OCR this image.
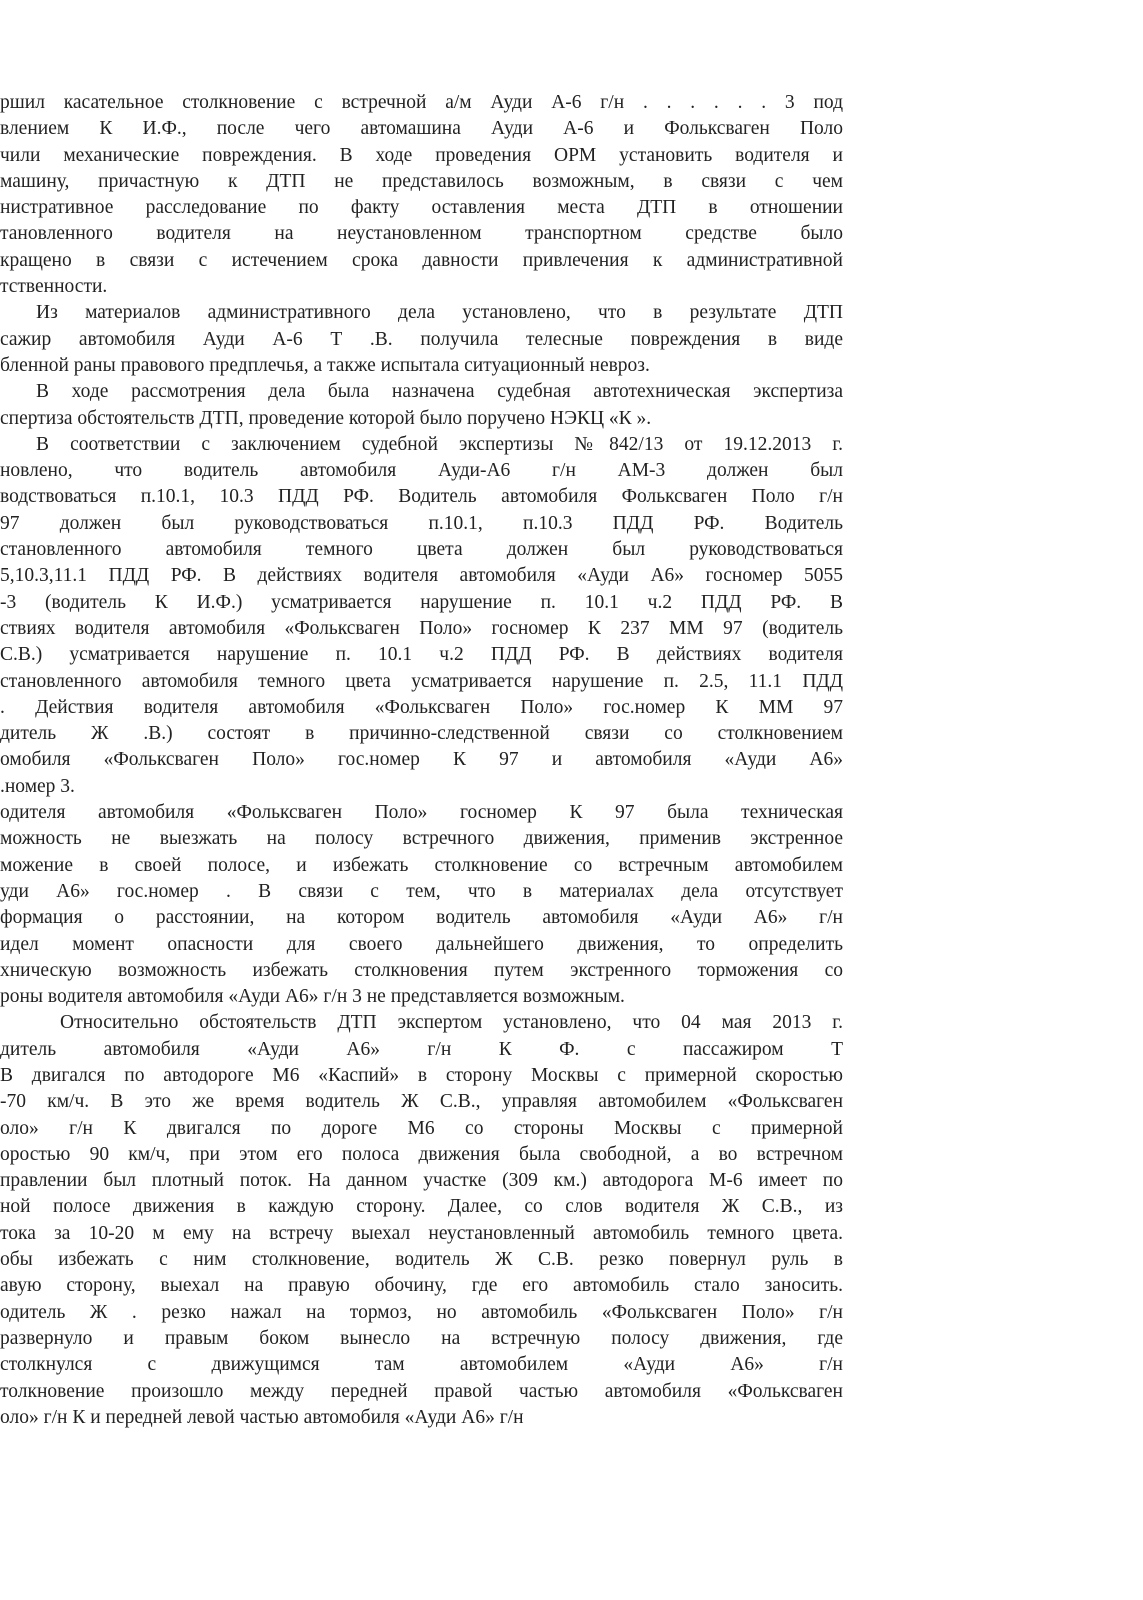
ршил касательное столкновение с встречной а/м Ауди А-6 г/н . . . . . . 3 под
влением К И.Ф., после чего автомашина Ауди А-6 и Фольксваген Поло
чили механические повреждения. В ходе проведения ОРМ установить водителя и
машину, причастную к ДТП не представилось возможным, в связи с чем
нистративное расследование по факту оставления места ДТП в отношении
тановленного водителя на неустановленном транспортном средстве было
кращено в связи с истечением срока давности привлечения к административной
тственности.
Из материалов административного дела установлено, что в результате ДТП
сажир автомобиля Ауди А-6 Т .В. получила телесные повреждения в виде
бленной раны правового предплечья, а также испытала ситуационный невроз.
В ходе рассмотрения дела была назначена судебная автотехническая экспертиза
спертиза обстоятельств ДТП, проведение которой было поручено НЭКЦ «К ».
В соответствии с заключением судебной экспертизы №842/13 от 19.12.2013 г.
новлено, что водитель автомобиля Ауди-А6 г/н АМ-3 должен был
водствоваться п.10.1, 10.3 ПДД РФ. Водитель автомобиля Фольксваген Поло г/н
97 должен был руководствоваться п.10.1, п.10.3 ПДД РФ. Водитель
становленного автомобиля темного цвета должен был руководствоваться
5,10.3,11.1 ПДД РФ. В действиях водителя автомобиля «Ауди А6» госномер 5055
-3 (водитель К И.Ф.) усматривается нарушение п. 10.1 ч.2 ПДД РФ. В
ствиях водителя автомобиля «Фольксваген Поло» госномер К 237 ММ 97 (водитель
С.В.) усматривается нарушение п. 10.1 ч.2 ПДД РФ. В действиях водителя
становленного автомобиля темного цвета усматривается нарушение п. 2.5, 11.1 ПДД
. Действия водителя автомобиля «Фольксваген Поло» гос.номер К ММ 97
дитель Ж .В.) состоят в причинно-следственной связи со столкновением
омобиля «Фольксваген Поло» гос.номер К 97 и автомобиля «Ауди А6»
.номер 3.
одителя автомобиля «Фольксваген Поло» госномер К 97 была техническая
можность не выезжать на полосу встречного движения, применив экстренное
можение в своей полосе, и избежать столкновение со встречным автомобилем
уди А6» гос.номер . В связи с тем, что в материалах дела отсутствует
формация о расстоянии, на котором водитель автомобиля «Ауди А6» г/н
идел момент опасности для своего дальнейшего движения, то определить
хническую возможность избежать столкновения путем экстренного торможения со
роны водителя автомобиля «Ауди А6» г/н 3 не представляется возможным.
Относительно обстоятельств ДТП экспертом установлено, что 04 мая 2013 г.
дитель автомобиля «Ауди А6» г/н К Ф. с пассажиром Т
В двигался по автодороге М6 «Каспий» в сторону Москвы с примерной скоростью
-70 км/ч. В это же время водитель Ж С.В., управляя автомобилем «Фольксваген
оло» г/н К двигался по дороге М6 со стороны Москвы с примерной
оростью 90 км/ч, при этом его полоса движения была свободной, а во встречном
правлении был плотный поток. На данном участке (309 км.) автодорога М-6 имеет по
ной полосе движения в каждую сторону. Далее, со слов водителя Ж С.В., из
тока за 10-20 м ему на встречу выехал неустановленный автомобиль темного цвета.
обы избежать с ним столкновение, водитель Ж С.В. резко повернул руль в
авую сторону, выехал на правую обочину, где его автомобиль стало заносить.
одитель Ж . резко нажал на тормоз, но автомобиль «Фольксваген Поло» г/н
развернуло и правым боком вынесло на встречную полосу движения, где
столкнулся с движущимся там автомобилем «Ауди А6» г/н
толкновение произошло между передней правой частью автомобиля «Фольксваген
оло» г/н К и передней левой частью автомобиля «Ауди А6» г/н
